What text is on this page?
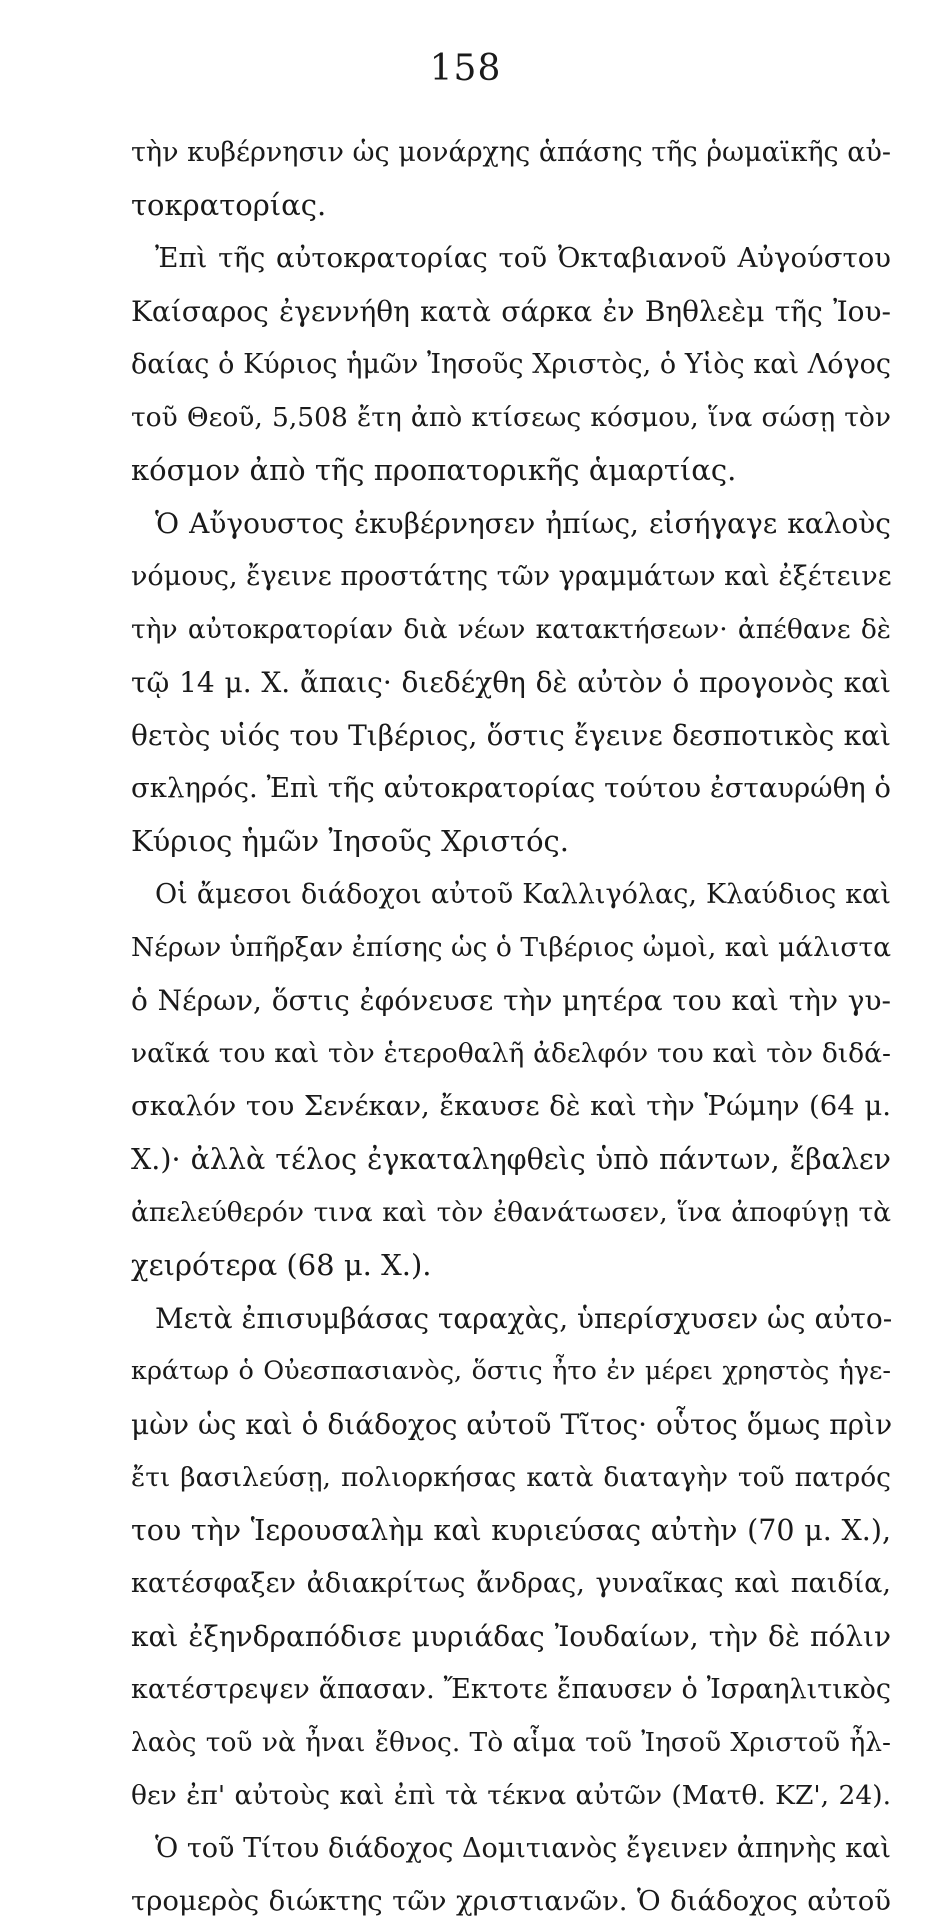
158
τὴν κυβέρνησιν ὡς μονάρχης ἁπάσης τῆς ῥωμαϊκῆς αὐ-
τοκρατορίας.
Ἐπὶ τῆς αὐτοκρατορίας τοῦ Ὀκταβιανοῦ Αὐγούστου
Καίσαρος ἐγεννήθη κατὰ σάρκα ἐν Βηθλεὲμ τῆς Ἰου-
δαίας ὁ Κύριος ἡμῶν Ἰησοῦς Χριστὸς, ὁ Υἱὸς καὶ Λόγος
τοῦ Θεοῦ, 5,508 ἔτη ἀπὸ κτίσεως κόσμου, ἵνα σώσῃ τὸν
κόσμον ἀπὸ τῆς προπατορικῆς ἁμαρτίας.
Ὁ Αὔγουστος ἐκυβέρνησεν ἠπίως, εἰσήγαγε καλοὺς
νόμους, ἔγεινε προστάτης τῶν γραμμάτων καὶ ἐξέτεινε
τὴν αὐτοκρατορίαν διὰ νέων κατακτήσεων· ἀπέθανε δὲ
τῷ 14 μ. Χ. ἄπαις· διεδέχθη δὲ αὐτὸν ὁ προγονὸς καὶ
θετὸς υἱός του Τιβέριος, ὅστις ἔγεινε δεσποτικὸς καὶ
σκληρός. Ἐπὶ τῆς αὐτοκρατορίας τούτου ἐσταυρώθη ὁ
Κύριος ἡμῶν Ἰησοῦς Χριστός.
Οἱ ἄμεσοι διάδοχοι αὐτοῦ Καλλιγόλας, Κλαύδιος καὶ
Νέρων ὑπῆρξαν ἐπίσης ὡς ὁ Τιβέριος ὠμοὶ, καὶ μάλιστα
ὁ Νέρων, ὅστις ἐφόνευσε τὴν μητέρα του καὶ τὴν γυ-
ναῖκά του καὶ τὸν ἑτεροθαλῆ ἀδελφόν του καὶ τὸν διδά-
σκαλόν του Σενέκαν, ἔκαυσε δὲ καὶ τὴν Ῥώμην (64 μ.
Χ.)· ἀλλὰ τέλος ἐγκαταληφθεὶς ὑπὸ πάντων, ἔβαλεν
ἀπελεύθερόν τινα καὶ τὸν ἐθανάτωσεν, ἵνα ἀποφύγῃ τὰ
χειρότερα (68 μ. Χ.).
Μετὰ ἐπισυμβάσας ταραχὰς, ὑπερίσχυσεν ὡς αὐτο-
κράτωρ ὁ Οὐεσπασιανὸς, ὅστις ἦτο ἐν μέρει χρηστὸς ἡγε-
μὼν ὡς καὶ ὁ διάδοχος αὐτοῦ Τῖτος· οὗτος ὅμως πρὶν
ἔτι βασιλεύσῃ, πολιορκήσας κατὰ διαταγὴν τοῦ πατρός
του τὴν Ἱερουσαλὴμ καὶ κυριεύσας αὐτὴν (70 μ. Χ.),
κατέσφαξεν ἀδιακρίτως ἄνδρας, γυναῖκας καὶ παιδία,
καὶ ἐξηνδραπόδισε μυριάδας Ἰουδαίων, τὴν δὲ πόλιν
κατέστρεψεν ἅπασαν. Ἔκτοτε ἔπαυσεν ὁ Ἰσραηλιτικὸς
λαὸς τοῦ νὰ ἦναι ἔθνος. Τὸ αἷμα τοῦ Ἰησοῦ Χριστοῦ ἦλ-
θεν ἐπ' αὐτοὺς καὶ ἐπὶ τὰ τέκνα αὐτῶν (Ματθ. ΚΖ', 24).
Ὁ τοῦ Τίτου διάδοχος Δομιτιανὸς ἔγεινεν ἀπηνὴς καὶ
τρομερὸς διώκτης τῶν χριστιανῶν. Ὁ διάδοχος αὐτοῦ
